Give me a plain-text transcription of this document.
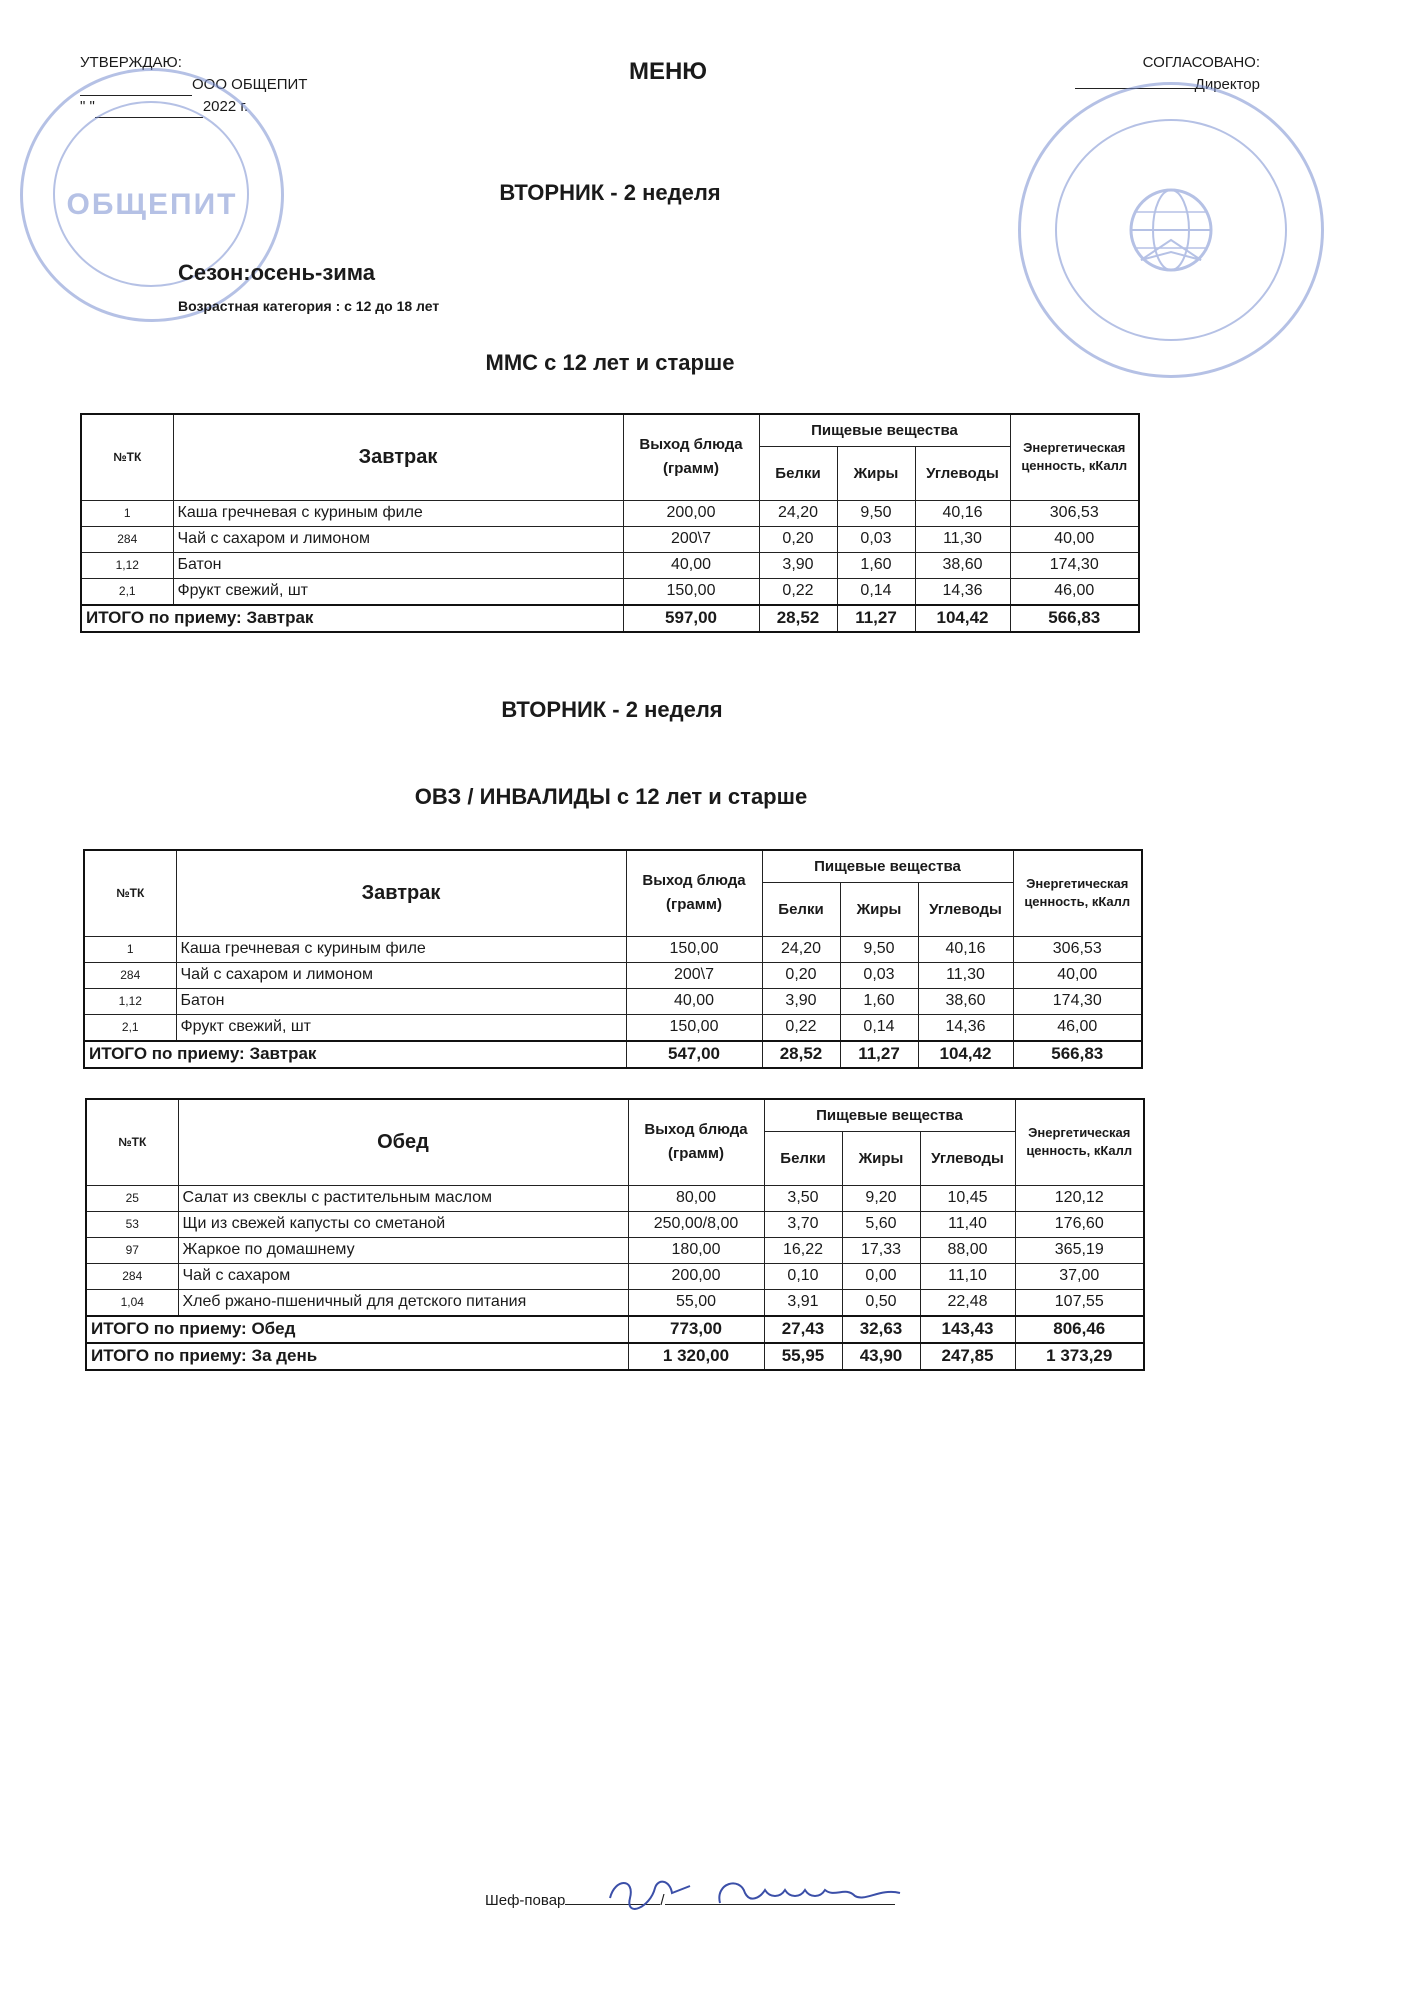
УТВЕРЖДАЮ:
ООО ОБЩЕПИТ
" "	2022 г.
ОБЩЕПИТ
МЕНЮ	СОГЛАСОВАНО:
Директор
ВТОРНИК - 2 неделя
Сезон:осень-зима
Возрастная категория : с 12 до 18 лет
ММС с 12 лет и старше
№ТК	Завтрак	Выход блюда (грамм)	Пищевые вещества			Энергетическая ценность, кКалл
			Белки	Жиры	Углеводы	
1	Каша гречневая с куриным филе	200,00	24,20	9,50	40,16	306,53
284	Чай с сахаром и лимоном	200\7	0,20	0,03	11,30	40,00
1,12	Батон	40,00	3,90	1,60	38,60	174,30
2,1	Фрукт свежий, шт	150,00	0,22	0,14	14,36	46,00
ИТОГО по приему: Завтрак		597,00	28,52	11,27	104,42	566,83
ВТОРНИК - 2 неделя
ОВЗ / ИНВАЛИДЫ с 12 лет и старше
№ТК	Завтрак	Выход блюда (грамм)	Пищевые вещества			Энергетическая ценность, кКалл
			Белки	Жиры	Углеводы	
1	Каша гречневая с куриным филе	150,00	24,20	9,50	40,16	306,53
284	Чай с сахаром и лимоном	200\7	0,20	0,03	11,30	40,00
1,12	Батон	40,00	3,90	1,60	38,60	174,30
2,1	Фрукт свежий, шт	150,00	0,22	0,14	14,36	46,00
ИТОГО по приему: Завтрак		547,00	28,52	11,27	104,42	566,83
№ТК	Обед	Выход блюда (грамм)	Пищевые вещества			Энергетическая ценность, кКалл
			Белки	Жиры	Углеводы	
25	Салат из свеклы с растительным маслом	80,00	3,50	9,20	10,45	120,12
53	Щи из свежей капусты со сметаной	250,00/8,00	3,70	5,60	11,40	176,60
97	Жаркое по домашнему	180,00	16,22	17,33	88,00	365,19
284	Чай с сахаром	200,00	0,10	0,00	11,10	37,00
1,04	Хлеб ржано-пшеничный для детского питания	55,00	3,91	0,50	22,48	107,55
ИТОГО по приему: Обед		773,00	27,43	32,63	143,43	806,46
ИТОГО по приему: За день		1 320,00	55,95	43,90	247,85	1 373,29
Шеф-повар	/
